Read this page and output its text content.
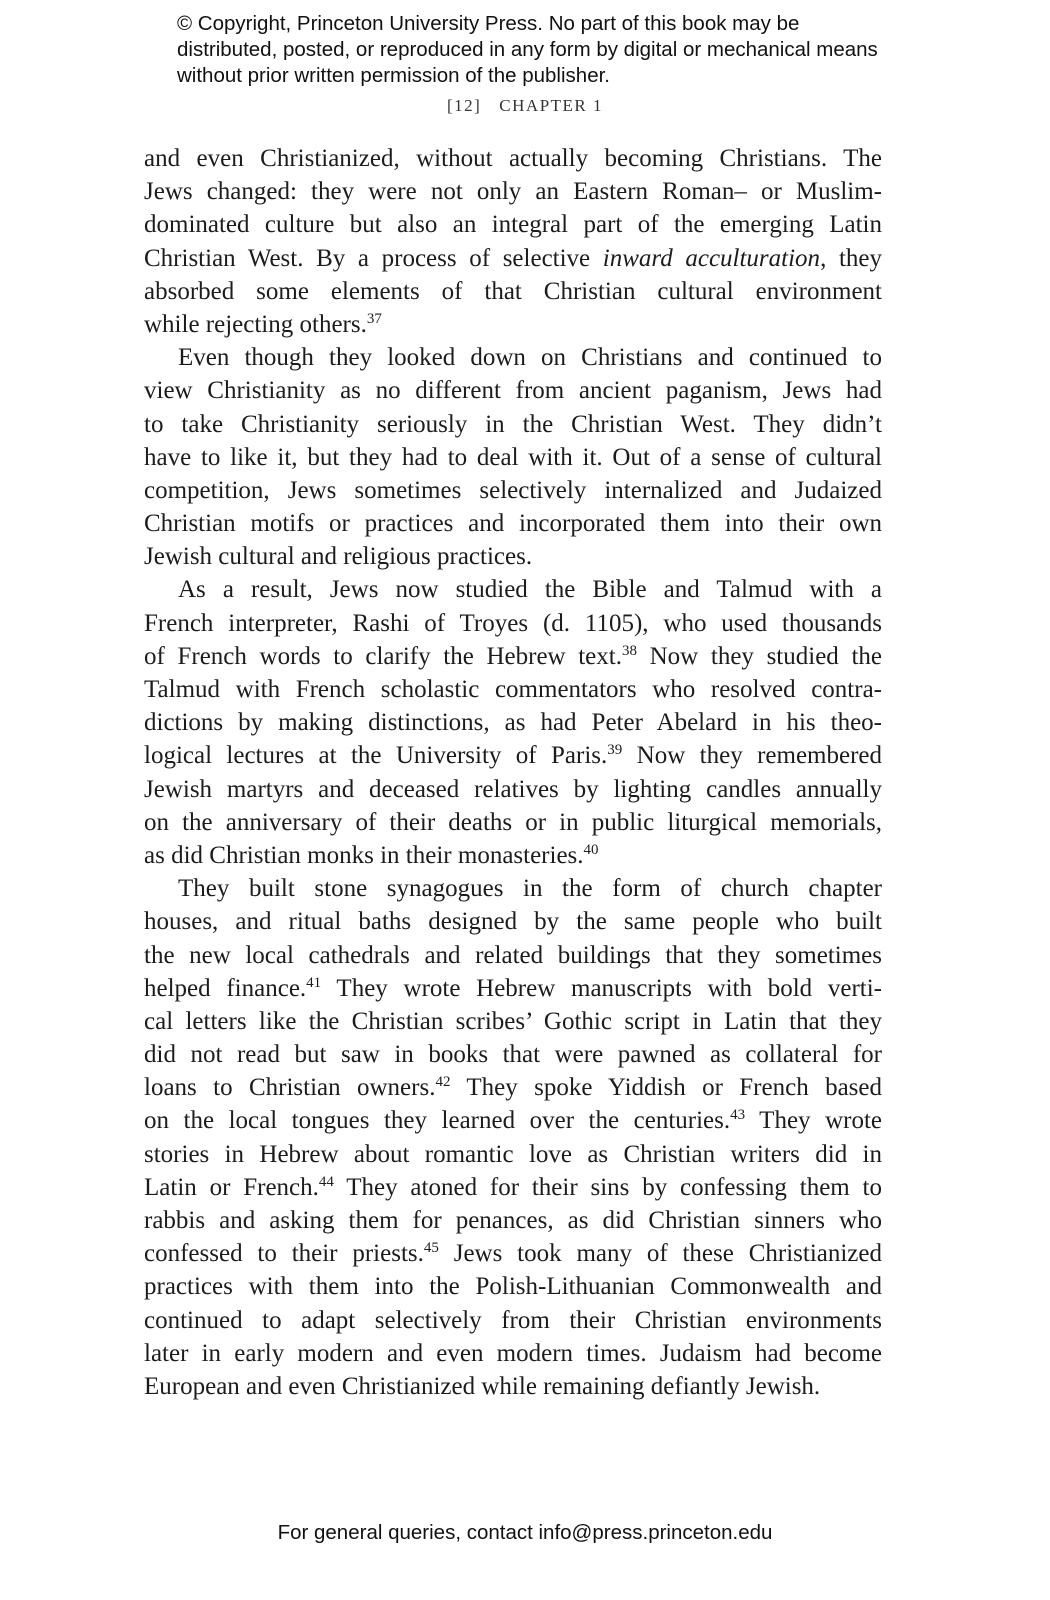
© Copyright, Princeton University Press. No part of this book may be distributed, posted, or reproduced in any form by digital or mechanical means without prior written permission of the publisher.
[12] CHAPTER 1
and even Christianized, without actually becoming Christians. The
Jews changed: they were not only an Eastern Roman– or Muslim-
dominated culture but also an integral part of the emerging Latin
Christian West. By a process of selective inward acculturation, they
absorbed some elements of that Christian cultural environment
while rejecting others.$^{37}$
Even though they looked down on Christians and continued to
view Christianity as no different from ancient paganism, Jews had
to take Christianity seriously in the Christian West. They didn’t
have to like it, but they had to deal with it. Out of a sense of cultural
competition, Jews sometimes selectively internalized and Judaized
Christian motifs or practices and incorporated them into their own
Jewish cultural and religious practices.
As a result, Jews now studied the Bible and Talmud with a
French interpreter, Rashi of Troyes (d. 1105), who used thousands
of French words to clarify the Hebrew text.$^{38}$ Now they studied the
Talmud with French scholastic commentators who resolved contra-
dictions by making distinctions, as had Peter Abelard in his theo-
logical lectures at the University of Paris.$^{39}$ Now they remembered
Jewish martyrs and deceased relatives by lighting candles annually
on the anniversary of their deaths or in public liturgical memorials,
as did Christian monks in their monasteries.$^{40}$
They built stone synagogues in the form of church chapter
houses, and ritual baths designed by the same people who built
the new local cathedrals and related buildings that they sometimes
helped finance.$^{41}$ They wrote Hebrew manuscripts with bold verti-
cal letters like the Christian scribes’ Gothic script in Latin that they
did not read but saw in books that were pawned as collateral for
loans to Christian owners.$^{42}$ They spoke Yiddish or French based
on the local tongues they learned over the centuries.$^{43}$ They wrote
stories in Hebrew about romantic love as Christian writers did in
Latin or French.$^{44}$ They atoned for their sins by confessing them to
rabbis and asking them for penances, as did Christian sinners who
confessed to their priests.$^{45}$ Jews took many of these Christianized
practices with them into the Polish-Lithuanian Commonwealth and
continued to adapt selectively from their Christian environments
later in early modern and even modern times. Judaism had become
European and even Christianized while remaining defiantly Jewish.
For general queries, contact info@press.princeton.edu
